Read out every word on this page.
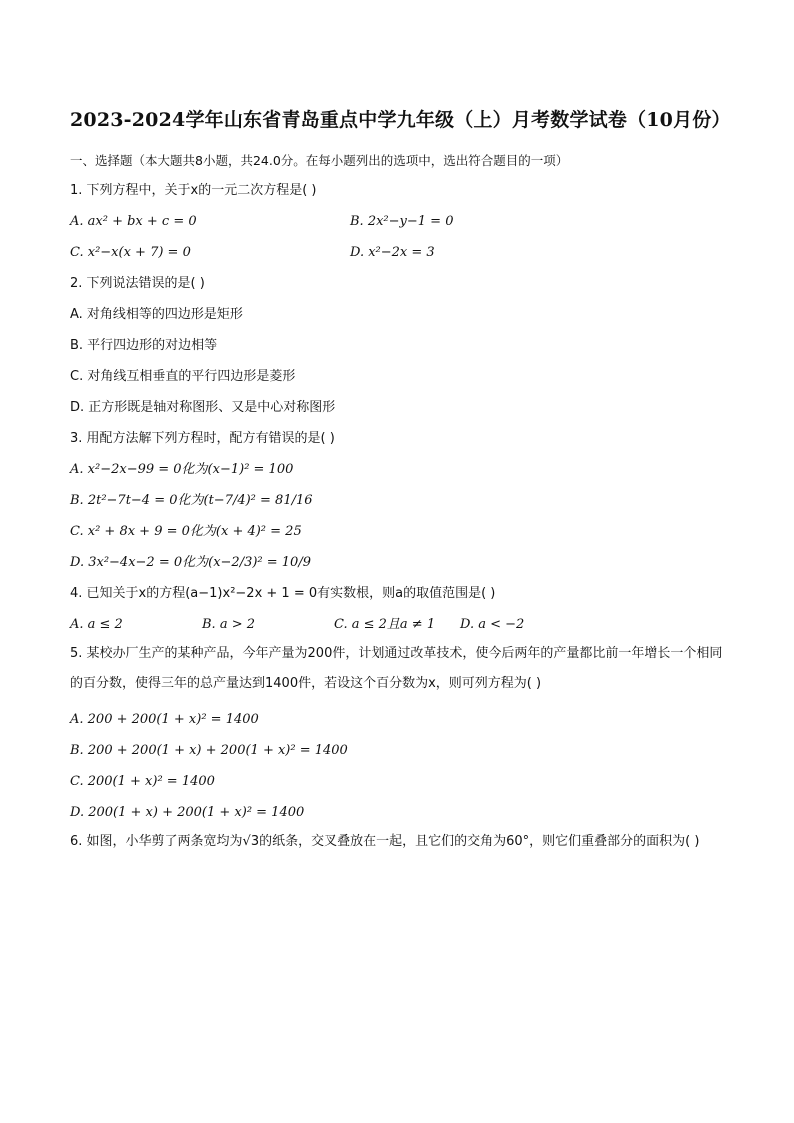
2023-2024学年山东省青岛重点中学九年级（上）月考数学试卷（10月份）
一、选择题（本大题共8小题，共24.0分。在每小题列出的选项中，选出符合题目的一项）
1. 下列方程中，关于x的一元二次方程是( )
A. ax² + bx + c = 0	B. 2x²−y−1 = 0
C. x²−x(x + 7) = 0	D. x²−2x = 3
2. 下列说法错误的是( )
A. 对角线相等的四边形是矩形
B. 平行四边形的对边相等
C. 对角线互相垂直的平行四边形是菱形
D. 正方形既是轴对称图形、又是中心对称图形
3. 用配方法解下列方程时，配方有错误的是( )
A. x²−2x−99 = 0化为(x−1)² = 100
B. 2t²−7t−4 = 0化为(t−7/4)² = 81/16
C. x² + 8x + 9 = 0化为(x + 4)² = 25
D. 3x²−4x−2 = 0化为(x−2/3)² = 10/9
4. 已知关于x的方程(a−1)x²−2x + 1 = 0有实数根，则a的取值范围是( )
A. a ≤ 2	B. a > 2	C. a ≤ 2且a ≠ 1	D. a < −2
5. 某校办厂生产的某种产品，今年产量为200件，计划通过改革技术，使今后两年的产量都比前一年增长一个相同的百分数，使得三年的总产量达到1400件，若设这个百分数为x，则可列方程为( )
A. 200 + 200(1 + x)² = 1400
B. 200 + 200(1 + x) + 200(1 + x)² = 1400
C. 200(1 + x)² = 1400
D. 200(1 + x) + 200(1 + x)² = 1400
6. 如图，小华剪了两条宽均为√3的纸条，交叉叠放在一起，且它们的交角为60°，则它们重叠部分的面积为( )
